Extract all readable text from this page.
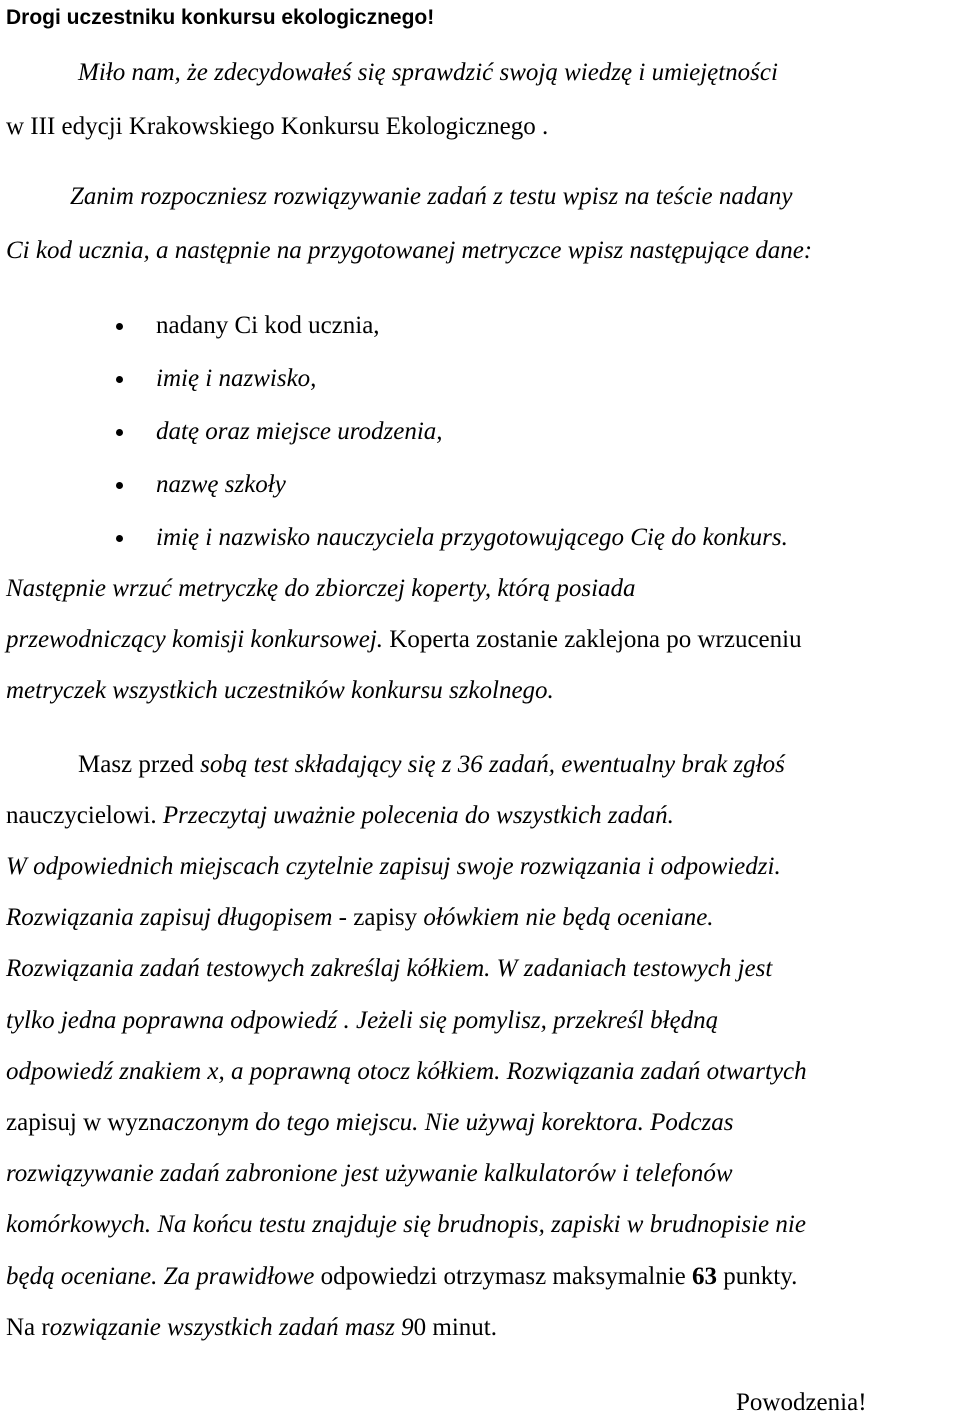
Drogi uczestniku konkursu ekologicznego!
Miło nam, że zdecydowałeś się sprawdzić swoją wiedzę i umiejętności
w III edycji Krakowskiego Konkursu Ekologicznego .
Zanim rozpoczniesz rozwiązywanie zadań z testu wpisz na teście nadany
Ci kod ucznia, a następnie na przygotowanej metryczce wpisz następujące dane:
nadany Ci kod ucznia,
imię i nazwisko,
datę oraz miejsce urodzenia,
nazwę szkoły
imię i nazwisko nauczyciela przygotowującego Cię do konkurs.
Następnie wrzuć metryczkę do zbiorczej koperty, którą posiada
przewodniczący komisji konkursowej. Koperta zostanie zaklejona po wrzuceniu
metryczek wszystkich uczestników konkursu szkolnego.
Masz przed sobą test składający się z 36 zadań, ewentualny brak zgłoś
nauczycielowi. Przeczytaj uważnie polecenia do wszystkich zadań.
W odpowiednich miejscach czytelnie zapisuj swoje rozwiązania i odpowiedzi.
Rozwiązania zapisuj długopisem - zapisy ołówkiem nie będą oceniane.
Rozwiązania zadań testowych zakreślaj kółkiem. W zadaniach testowych jest
tylko jedna poprawna odpowiedź . Jeżeli się pomylisz, przekreśl błędną
odpowiedź znakiem x, a poprawną otocz kółkiem. Rozwiązania zadań otwartych
zapisuj w wyznaczonym do tego miejscu. Nie używaj korektora. Podczas
rozwiązywanie zadań zabronione jest używanie kalkulatorów i telefonów
komórkowych. Na końcu testu znajduje się brudnopis, zapiski w brudnopisie nie
będą oceniane. Za prawidłowe odpowiedzi otrzymasz maksymalnie 63 punkty.
Na rozwiązanie wszystkich zadań masz 90 minut.
Powodzenia!
